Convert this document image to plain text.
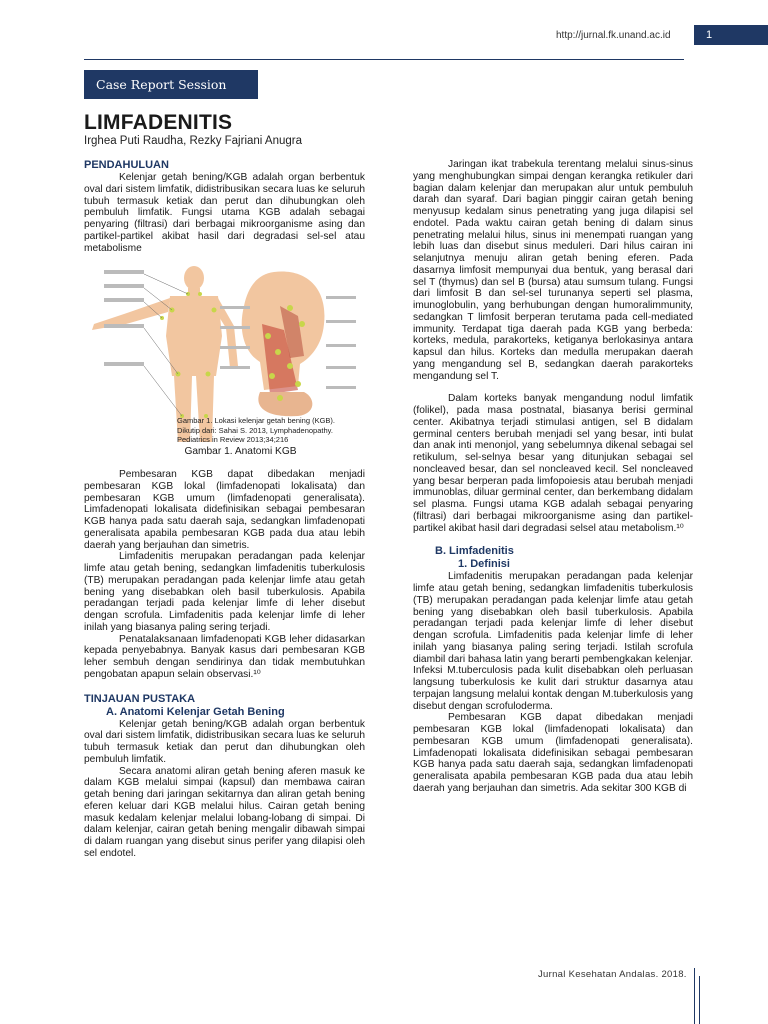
http://jurnal.fk.unand.ac.id	1
Case Report Session
LIMFADENITIS
Irghea Puti Raudha, Rezky Fajriani Anugra
PENDAHULUAN

Kelenjar getah bening/KGB adalah organ berbentuk oval dari sistem limfatik, didistribusikan secara luas ke seluruh tubuh termasuk ketiak dan perut dan dihubungkan oleh pembuluh limfatik. Fungsi utama KGB adalah sebagai penyaring (filtrasi) dari berbagai mikroorganisme asing dan partikel-partikel akibat hasil dari degradasi sel-sel atau metabolisme

Gambar 1. Lokasi kelenjar getah bening (KGB).
Dikutip dari: Sahai S. 2013, Lymphadenopathy. Pediatrics in Review 2013;34;216
Gambar 1. Anatomi KGB

Pembesaran KGB dapat dibedakan menjadi pembesaran KGB lokal (limfadenopati lokalisata) dan pembesaran KGB umum (limfadenopati generalisata). Limfadenopati lokalisata didefinisikan sebagai pembesaran KGB hanya pada satu daerah saja, sedangkan limfadenopati generalisata apabila pembesaran KGB pada dua atau lebih daerah yang berjauhan dan simetris.

Limfadenitis merupakan peradangan pada kelenjar limfe atau getah bening, sedangkan limfadenitis tuberkulosis (TB) merupakan peradangan pada kelenjar limfe atau getah bening yang disebabkan oleh basil tuberkulosis. Apabila peradangan terjadi pada kelenjar limfe di leher disebut dengan scrofula. Limfadenitis pada kelenjar limfe di leher inilah yang biasanya paling sering terjadi.

Penatalaksanaan limfadenopati KGB leher didasarkan kepada penyebabnya. Banyak kasus dari pembesaran KGB leher sembuh dengan sendirinya dan tidak membutuhkan pengobatan apapun selain observasi.¹⁰

TINJAUAN PUSTAKA
A. Anatomi Kelenjar Getah Bening

Kelenjar getah bening/KGB adalah organ berbentuk oval dari sistem limfatik, didistribusikan secara luas ke seluruh tubuh termasuk ketiak dan perut dan dihubungkan oleh pembuluh limfatik.

Secara anatomi aliran getah bening aferen masuk ke dalam KGB melalui simpai (kapsul) dan membawa cairan getah bening dari jaringan sekitarnya dan aliran getah bening eferen keluar dari KGB melalui hilus. Cairan getah bening masuk kedalam kelenjar melalui lobang-lobang di simpai. Di dalam kelenjar, cairan getah bening mengalir dibawah simpai di dalam ruangan yang disebut sinus perifer yang dilapisi oleh sel endotel.

Jaringan ikat trabekula terentang melalui sinus-sinus yang menghubungkan simpai dengan kerangka retikuler dari bagian dalam kelenjar dan merupakan alur untuk pembuluh darah dan syaraf. Dari bagian pinggir cairan getah bening menyusup kedalam sinus penetrating yang juga dilapisi sel endotel. Pada waktu cairan getah bening di dalam sinus penetrating melalui hilus, sinus ini menempati ruangan yang lebih luas dan disebut sinus meduleri. Dari hilus cairan ini selanjutnya menuju aliran getah bening eferen. Pada dasarnya limfosit mempunyai dua bentuk, yang berasal dari sel T (thymus) dan sel B (bursa) atau sumsum tulang. Fungsi dari limfosit B dan sel-sel turunanya seperti sel plasma, imunoglobulin, yang berhubungan dengan humoralimmunity, sedangkan T limfosit berperan terutama pada cell-mediated immunity. Terdapat tiga daerah pada KGB yang berbeda: korteks, medula, parakorteks, ketiganya berlokasinya antara kapsul dan hilus. Korteks dan medulla merupakan daerah yang mengandung sel B, sedangkan daerah parakorteks mengandung sel T.

Dalam korteks banyak mengandung nodul limfatik (folikel), pada masa postnatal, biasanya berisi germinal center. Akibatnya terjadi stimulasi antigen, sel B didalam germinal centers berubah menjadi sel yang besar, inti bulat dan anak inti menonjol, yang sebelumnya dikenal sebagai sel retikulum, sel-selnya besar yang ditunjukan sebagai sel noncleaved besar, dan sel noncleaved kecil. Sel noncleaved yang besar berperan pada limfopoiesis atau berubah menjadi immunoblas, diluar germinal center, dan berkembang didalam sel plasma. Fungsi utama KGB adalah sebagai penyaring (filtrasi) dari berbagai mikroorganisme asing dan partikel-partikel akibat hasil dari degradasi selsel atau metabolism.¹⁰

B. Limfadenitis
1. Definisi

Limfadenitis merupakan peradangan pada kelenjar limfe atau getah bening, sedangkan limfadenitis tuberkulosis (TB) merupakan peradangan pada kelenjar limfe atau getah bening yang disebabkan oleh basil tuberkulosis. Apabila peradangan terjadi pada kelenjar limfe di leher disebut dengan scrofula. Limfadenitis pada kelenjar limfe di leher inilah yang biasanya paling sering terjadi. Istilah scrofula diambil dari bahasa latin yang berarti pembengkakan kelenjar. Infeksi M.tuberculosis pada kulit disebabkan oleh perluasan langsung tuberkulosis ke kulit dari struktur dasarnya atau terpajan langsung melalui kontak dengan M.tuberkulosis yang disebut dengan scrofuloderma.

Pembesaran KGB dapat dibedakan menjadi pembesaran KGB lokal (limfadenopati lokalisata) dan pembesaran KGB umum (limfadenopati generalisata). Limfadenopati lokalisata didefinisikan sebagai pembesaran KGB hanya pada satu daerah saja, sedangkan limfadenopati generalisata apabila pembesaran KGB pada dua atau lebih daerah yang berjauhan dan simetris. Ada sekitar 300 KGB di

Jurnal Kesehatan Andalas. 2018.
